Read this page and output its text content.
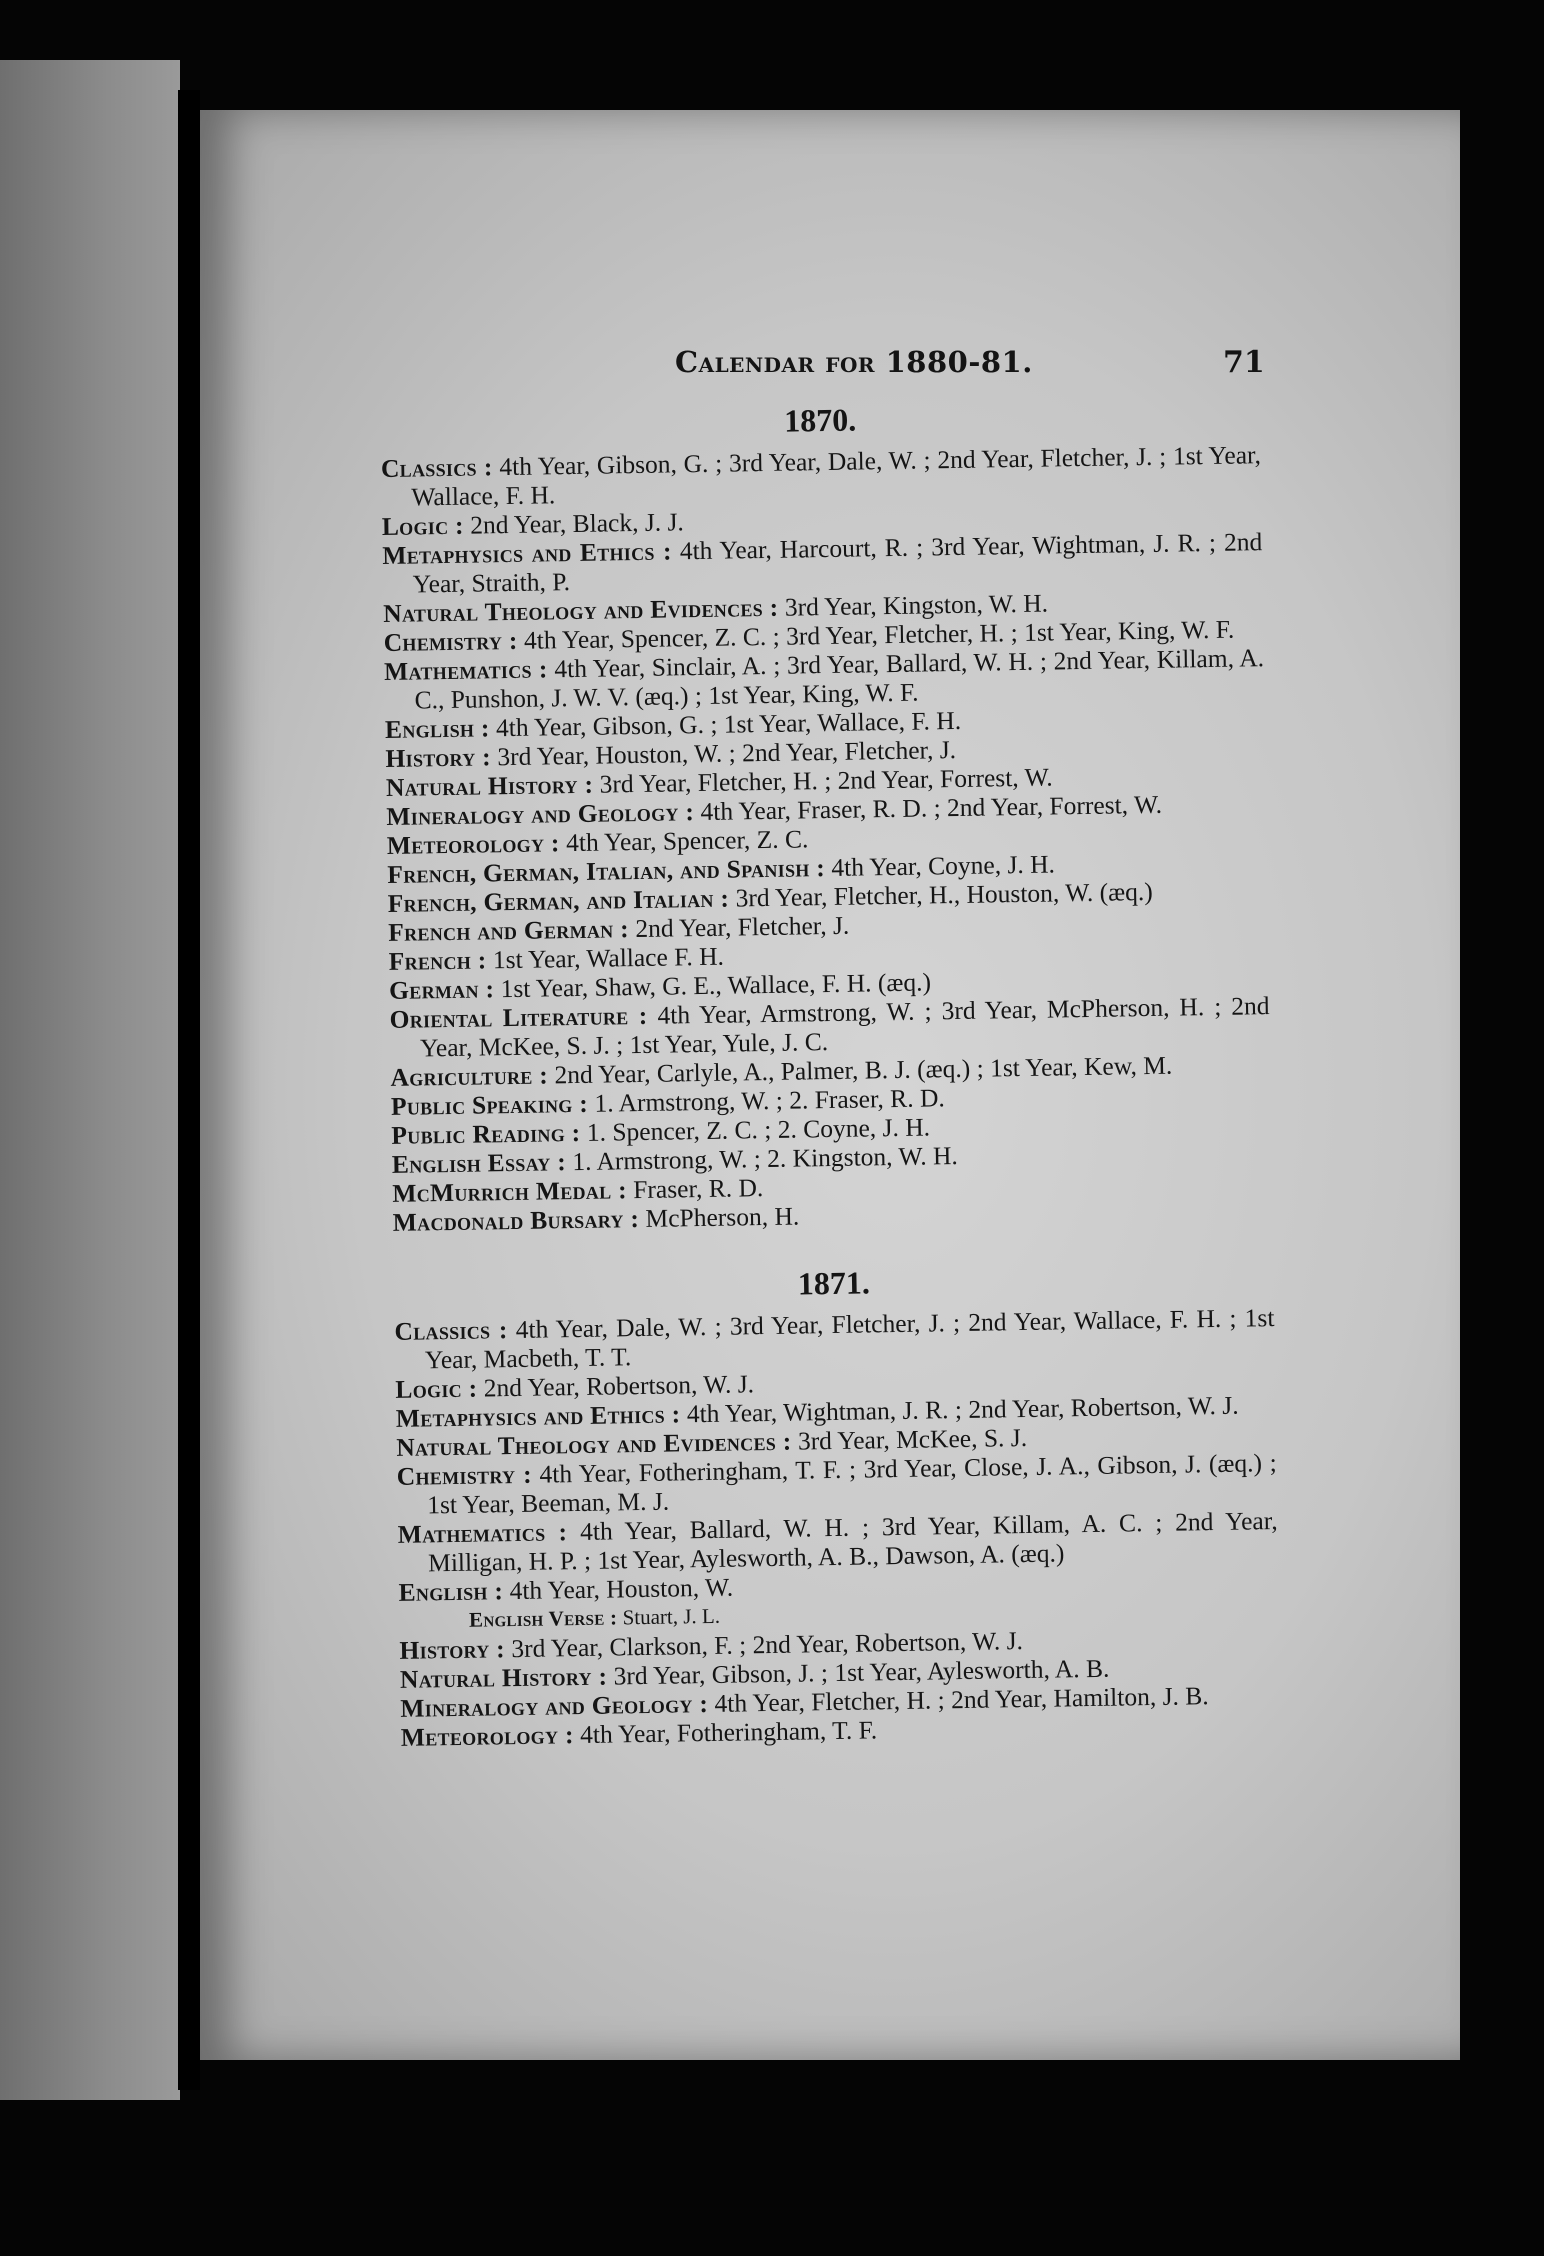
Calendar for 1880-81.	71
1870.

Classics : 4th Year, Gibson, G. ; 3rd Year, Dale, W. ; 2nd Year, Fletcher, J. ; 1st Year, Wallace, F. H.

Logic : 2nd Year, Black, J. J.

Metaphysics and Ethics : 4th Year, Harcourt, R. ; 3rd Year, Wightman, J. R. ; 2nd Year, Straith, P.

Natural Theology and Evidences : 3rd Year, Kingston, W. H.

Chemistry : 4th Year, Spencer, Z. C. ; 3rd Year, Fletcher, H. ; 1st Year, King, W. F.

Mathematics : 4th Year, Sinclair, A. ; 3rd Year, Ballard, W. H. ; 2nd Year, Killam, A. C., Punshon, J. W. V. (æq.) ; 1st Year, King, W. F.

English : 4th Year, Gibson, G. ; 1st Year, Wallace, F. H.

History : 3rd Year, Houston, W. ; 2nd Year, Fletcher, J.

Natural History : 3rd Year, Fletcher, H. ; 2nd Year, Forrest, W.

Mineralogy and Geology : 4th Year, Fraser, R. D. ; 2nd Year, Forrest, W.

Meteorology : 4th Year, Spencer, Z. C.

French, German, Italian, and Spanish : 4th Year, Coyne, J. H.

French, German, and Italian : 3rd Year, Fletcher, H., Houston, W. (æq.)

French and German : 2nd Year, Fletcher, J.

French : 1st Year, Wallace F. H.

German : 1st Year, Shaw, G. E., Wallace, F. H. (æq.)

Oriental Literature : 4th Year, Armstrong, W. ; 3rd Year, McPherson, H. ; 2nd Year, McKee, S. J. ; 1st Year, Yule, J. C.

Agriculture : 2nd Year, Carlyle, A., Palmer, B. J. (æq.) ; 1st Year, Kew, M.

Public Speaking : 1. Armstrong, W. ; 2. Fraser, R. D.

Public Reading : 1. Spencer, Z. C. ; 2. Coyne, J. H.

English Essay : 1. Armstrong, W. ; 2. Kingston, W. H.

McMurrich Medal : Fraser, R. D.

Macdonald Bursary : McPherson, H.

1871.

Classics : 4th Year, Dale, W. ; 3rd Year, Fletcher, J. ; 2nd Year, Wallace, F. H. ; 1st Year, Macbeth, T. T.

Logic : 2nd Year, Robertson, W. J.

Metaphysics and Ethics : 4th Year, Wightman, J. R. ; 2nd Year, Robertson, W. J.

Natural Theology and Evidences : 3rd Year, McKee, S. J.

Chemistry : 4th Year, Fotheringham, T. F. ; 3rd Year, Close, J. A., Gibson, J. (æq.) ; 1st Year, Beeman, M. J.

Mathematics : 4th Year, Ballard, W. H. ; 3rd Year, Killam, A. C. ; 2nd Year, Milligan, H. P. ; 1st Year, Aylesworth, A. B., Dawson, A. (æq.)

English : 4th Year, Houston, W.

English Verse : Stuart, J. L.

History : 3rd Year, Clarkson, F. ; 2nd Year, Robertson, W. J.

Natural History : 3rd Year, Gibson, J. ; 1st Year, Aylesworth, A. B.

Mineralogy and Geology : 4th Year, Fletcher, H. ; 2nd Year, Hamilton, J. B.

Meteorology : 4th Year, Fotheringham, T. F.
